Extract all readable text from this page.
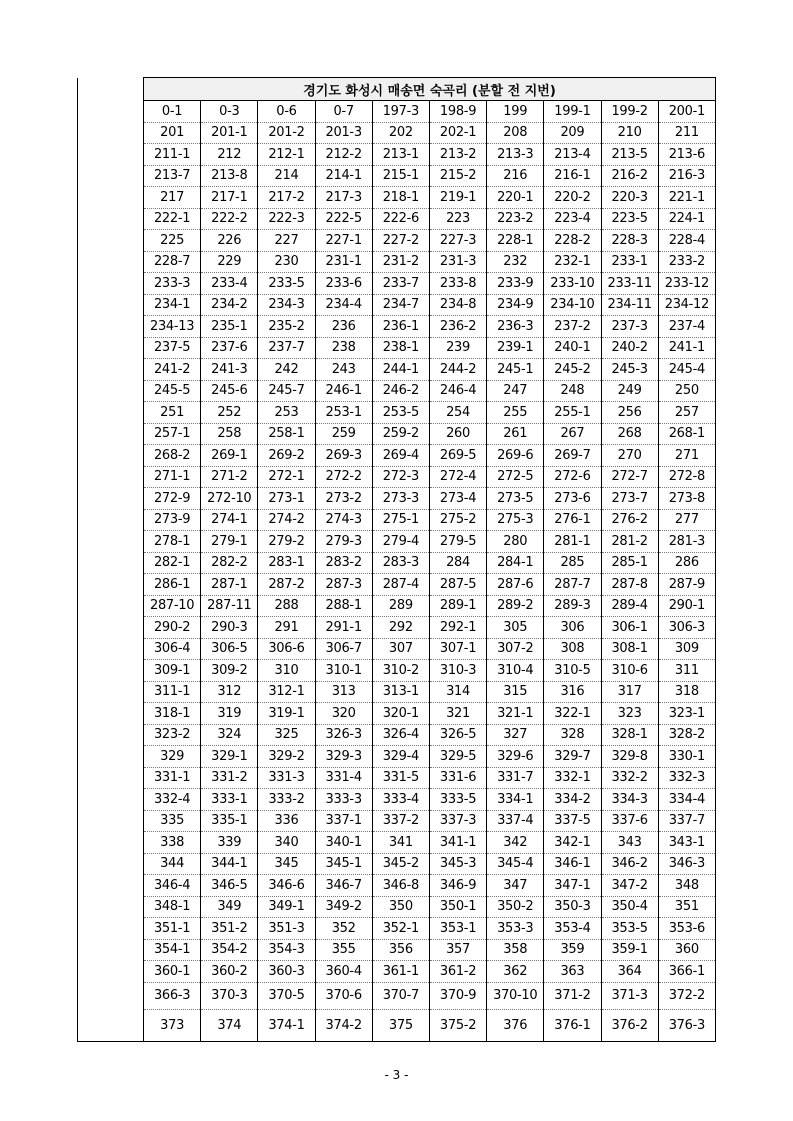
	경기도 화성시 매송면 숙곡리 (분할 전 지번)									
	0-1	0-3	0-6	0-7	197-3	198-9	199	199-1	199-2	200-1
	201	201-1	201-2	201-3	202	202-1	208	209	210	211
	211-1	212	212-1	212-2	213-1	213-2	213-3	213-4	213-5	213-6
	213-7	213-8	214	214-1	215-1	215-2	216	216-1	216-2	216-3
	217	217-1	217-2	217-3	218-1	219-1	220-1	220-2	220-3	221-1
	222-1	222-2	222-3	222-5	222-6	223	223-2	223-4	223-5	224-1
	225	226	227	227-1	227-2	227-3	228-1	228-2	228-3	228-4
	228-7	229	230	231-1	231-2	231-3	232	232-1	233-1	233-2
	233-3	233-4	233-5	233-6	233-7	233-8	233-9	233-10	233-11	233-12
	234-1	234-2	234-3	234-4	234-7	234-8	234-9	234-10	234-11	234-12
	234-13	235-1	235-2	236	236-1	236-2	236-3	237-2	237-3	237-4
	237-5	237-6	237-7	238	238-1	239	239-1	240-1	240-2	241-1
	241-2	241-3	242	243	244-1	244-2	245-1	245-2	245-3	245-4
	245-5	245-6	245-7	246-1	246-2	246-4	247	248	249	250
	251	252	253	253-1	253-5	254	255	255-1	256	257
	257-1	258	258-1	259	259-2	260	261	267	268	268-1
	268-2	269-1	269-2	269-3	269-4	269-5	269-6	269-7	270	271
	271-1	271-2	272-1	272-2	272-3	272-4	272-5	272-6	272-7	272-8
	272-9	272-10	273-1	273-2	273-3	273-4	273-5	273-6	273-7	273-8
	273-9	274-1	274-2	274-3	275-1	275-2	275-3	276-1	276-2	277
	278-1	279-1	279-2	279-3	279-4	279-5	280	281-1	281-2	281-3
	282-1	282-2	283-1	283-2	283-3	284	284-1	285	285-1	286
	286-1	287-1	287-2	287-3	287-4	287-5	287-6	287-7	287-8	287-9
	287-10	287-11	288	288-1	289	289-1	289-2	289-3	289-4	290-1
	290-2	290-3	291	291-1	292	292-1	305	306	306-1	306-3
	306-4	306-5	306-6	306-7	307	307-1	307-2	308	308-1	309
	309-1	309-2	310	310-1	310-2	310-3	310-4	310-5	310-6	311
	311-1	312	312-1	313	313-1	314	315	316	317	318
	318-1	319	319-1	320	320-1	321	321-1	322-1	323	323-1
	323-2	324	325	326-3	326-4	326-5	327	328	328-1	328-2
	329	329-1	329-2	329-3	329-4	329-5	329-6	329-7	329-8	330-1
	331-1	331-2	331-3	331-4	331-5	331-6	331-7	332-1	332-2	332-3
	332-4	333-1	333-2	333-3	333-4	333-5	334-1	334-2	334-3	334-4
	335	335-1	336	337-1	337-2	337-3	337-4	337-5	337-6	337-7
	338	339	340	340-1	341	341-1	342	342-1	343	343-1
	344	344-1	345	345-1	345-2	345-3	345-4	346-1	346-2	346-3
	346-4	346-5	346-6	346-7	346-8	346-9	347	347-1	347-2	348
	348-1	349	349-1	349-2	350	350-1	350-2	350-3	350-4	351
	351-1	351-2	351-3	352	352-1	353-1	353-3	353-4	353-5	353-6
	354-1	354-2	354-3	355	356	357	358	359	359-1	360
	360-1	360-2	360-3	360-4	361-1	361-2	362	363	364	366-1
	366-3	370-3	370-5	370-6	370-7	370-9	370-10	371-2	371-3	372-2
	373	374	374-1	374-2	375	375-2	376	376-1	376-2	376-3
- 3 -
